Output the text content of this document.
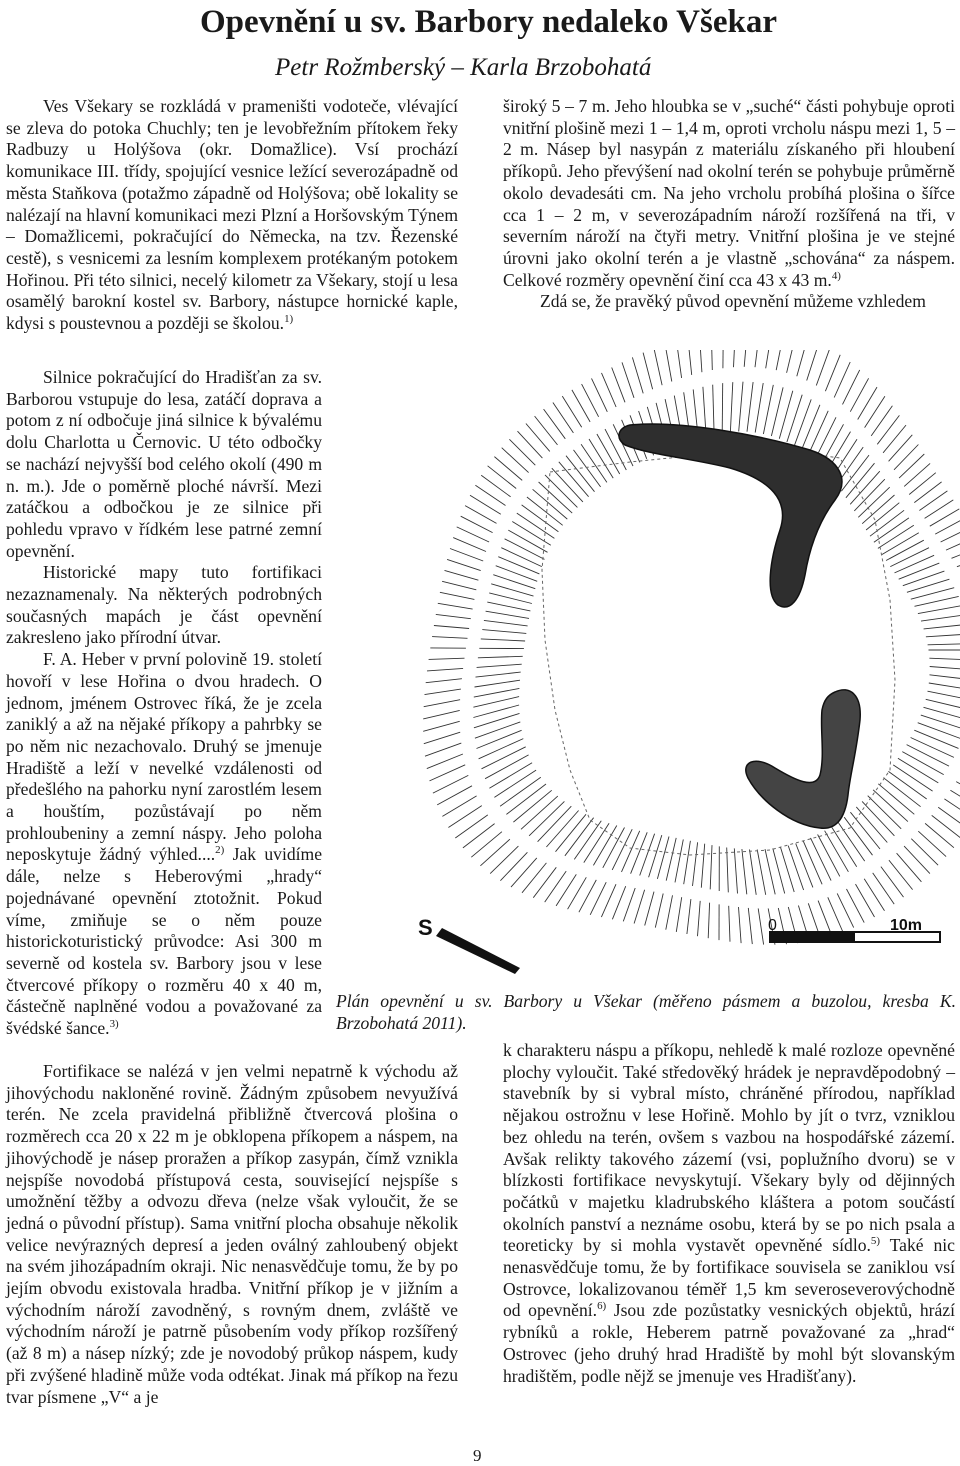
Opevnění u sv. Barbory nedaleko Všekar
Petr Rožmberský – Karla Brzobohatá

Ves Všekary se rozkládá v prameništi vodoteče, vlévající se zleva do potoka Chuchly; ten je levobřežním přítokem řeky Radbuzy u Holýšova (okr. Domažlice). Vsí prochází komunikace III. třídy, spojující vesnice ležící severozápadně od města Staňkova (potažmo západně od Holýšova; obě lokality se nalézají na hlavní komunikaci mezi Plzní a Horšovským Týnem – Domažlicemi, pokračující do Německa, na tzv. Řezenské cestě), s vesnicemi za lesním komplexem protékaným potokem Hořinou. Při této silnici, necelý kilometr za Všekary, stojí u lesa osamělý barokní kostel sv. Barbory, nástupce hornické kaple, kdysi s poustevnou a později se školou.$^{1)}$

Silnice pokračující do Hradišťan za sv. Barborou vstupuje do lesa, zatáčí doprava a potom z ní odbočuje jiná silnice k bývalému dolu Charlotta u Černovic. U této odbočky se nachází nejvyšší bod celého okolí (490 m n. m.). Jde o poměrně ploché návrší. Mezi zatáčkou a odbočkou je ze silnice při pohledu vpravo v řídkém lese patrné zemní opevnění.

Historické mapy tuto fortifikaci nezaznamenaly. Na některých podrobných současných mapách je část opevnění zakresleno jako přírodní útvar.

F. A. Heber v první polovině 19. století hovoří v lese Hořina o dvou hradech. O jednom, jménem Ostrovec říká, že je zcela zaniklý a až na nějaké příkopy a pahrbky se po něm nic nezachovalo. Druhý se jmenuje Hradiště a leží v nevelké vzdálenosti od předešlého na pahorku nyní zarostlém lesem a houštím, pozůstávají po něm prohloubeniny a zemní náspy. Jeho poloha neposkytuje žádný výhled....$^{2)}$ Jak uvidíme dále, nelze s Heberovými „hrady“ pojednávané opevnění ztotožnit. Pokud víme, zmiňuje se o něm pouze historickoturistický průvodce: Asi 300 m severně od kostela sv. Barbory jsou v lese čtvercové příkopy o rozměru 40 x 40 m, částečně naplněné vodou a považované za švédské šance.$^{3)}$

Fortifikace se nalézá v jen velmi nepatrně k východu až jihovýchodu nakloněné rovině. Žádným způsobem nevyužívá terén. Ne zcela pravidelná přibližně čtvercová plošina o rozměrech cca 20 x 22 m je obklopena příkopem a náspem, na jihovýchodě je násep proražen a příkop zasypán, čímž vznikla nejspíše novodobá přístupová cesta, související nejspíše s umožnění těžby a odvozu dřeva (nelze však vyloučit, že se jedná o původní přístup). Sama vnitřní plocha obsahuje několik velice nevýrazných depresí a jeden oválný zahloubený objekt na svém jihozápadním okraji. Nic nenasvědčuje tomu, že by po jejím obvodu existovala hradba. Vnitřní příkop je v jižním a východním nároží zavodněný, s rovným dnem, zvláště ve východním nároží je patrně působením vody příkop rozšířený (až 8 m) a násep nízký; zde je novodobý průkop náspem, kudy při zvýšené hladině může voda odtékat. Jinak má příkop na řezu tvar písmene „V“ a je

široký 5 – 7 m. Jeho hloubka se v „suché“ části pohybuje oproti vnitřní plošině mezi 1 – 1,4 m, oproti vrcholu náspu mezi 1, 5 – 2 m. Násep byl nasypán z materiálu získaného při hloubení příkopů. Jeho převýšení nad okolní terén se pohybuje průměrně okolo devadesáti cm. Na jeho vrcholu probíhá plošina o šířce cca 1 – 2 m, v severozápadním nároží rozšířená na tři, v severním nároží na čtyři metry. Vnitřní plošina je ve stejné úrovni jako okolní terén a je vlastně „schována“ za náspem. Celkové rozměry opevnění činí cca 43 x 43 m.$^{4)}$

Zdá se, že pravěký původ opevnění můžeme vzhledem

S	0	10m
Plán opevnění u sv. Barbory u Všekar (měřeno pásmem a buzolou, kresba K. Brzobohatá 2011).

k charakteru náspu a příkopu, nehledě k malé rozloze opevněné plochy vyloučit. Také středověký hrádek je nepravděpodobný – stavebník by si vybral místo, chráněné přírodou, například nějakou ostrožnu v lese Hořině. Mohlo by jít o tvrz, vzniklou bez ohledu na terén, ovšem s vazbou na hospodářské zázemí. Avšak relikty takového zázemí (vsi, poplužního dvoru) se v blízkosti fortifikace nevyskytují. Všekary byly od dějinných počátků v majetku kladrubského kláštera a potom součástí okolních panství a neznáme osobu, která by se po nich psala a teoreticky by si mohla vystavět opevněné sídlo.$^{5)}$ Také nic nenasvědčuje tomu, že by fortifikace souvisela se zaniklou vsí Ostrovce, lokalizovanou téměř 1,5 km severoseverovýchodně od opevnění.$^{6)}$ Jsou zde pozůstatky vesnických objektů, hrází rybníků a rokle, Heberem patrně považované za „hrad“ Ostrovec (jeho druhý hrad Hradiště by mohl být slovanským hradištěm, podle nějž se jmenuje ves Hradišťany).

9
